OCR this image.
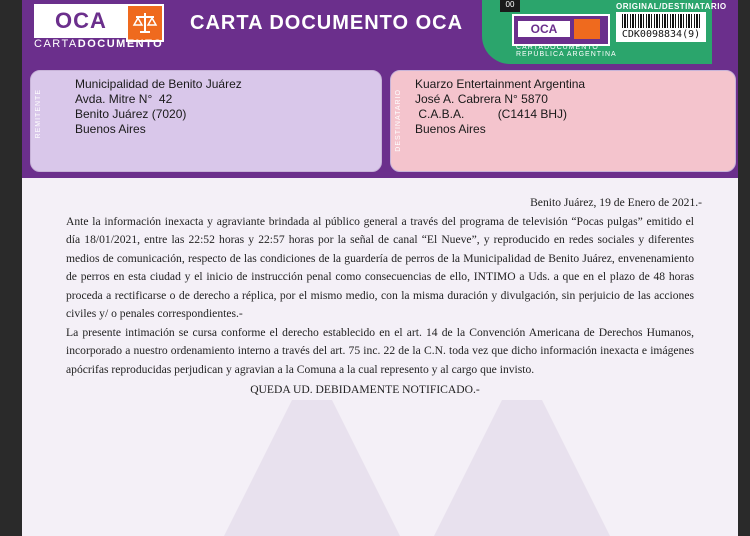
OCA
CARTADOCUMENTO
CARTA DOCUMENTO OCA
00
OCA
CARTADOCUMENTO
REPÚBLICA ARGENTINA
ORIGINAL/DESTINATARIO
CDK0098834(9)
REMITENTE
Municipalidad de Benito Juárez
Avda. Mitre N°  42
Benito Juárez (7020)
Buenos Aires	DESTINATARIO
Kuarzo Entertainment Argentina
José A. Cabrera N° 5870
C.A.B.A.          (C1414 BHJ)
Buenos Aires
Benito Juárez, 19 de Enero de 2021.-

Ante la información inexacta y agraviante brindada al público general a través del programa de televisión “Pocas pulgas” emitido el día 18/01/2021, entre las 22:52 horas y 22:57 horas por la señal de canal “El Nueve”, y reproducido en redes sociales y diferentes medios de comunicación, respecto de las condiciones de la guardería de perros de la Municipalidad de Benito Juárez, envenenamiento de perros en esta ciudad y el inicio de instrucción penal como consecuencias de ello, INTIMO a Uds. a que en el plazo de 48 horas proceda a rectificarse o de derecho a réplica, por el mismo medio, con la misma duración y divulgación, sin perjuicio de las acciones civiles y/ o penales correspondientes.-

La presente intimación se cursa conforme el derecho establecido en el art. 14 de la Convención Americana de Derechos Humanos, incorporado a nuestro ordenamiento interno a través del art. 75 inc. 22 de la C.N. toda vez que dicho información inexacta e imágenes apócrifas reproducidas perjudican y agravian a la Comuna a la cual represento y al cargo que invisto.

QUEDA UD. DEBIDAMENTE NOTIFICADO.-
